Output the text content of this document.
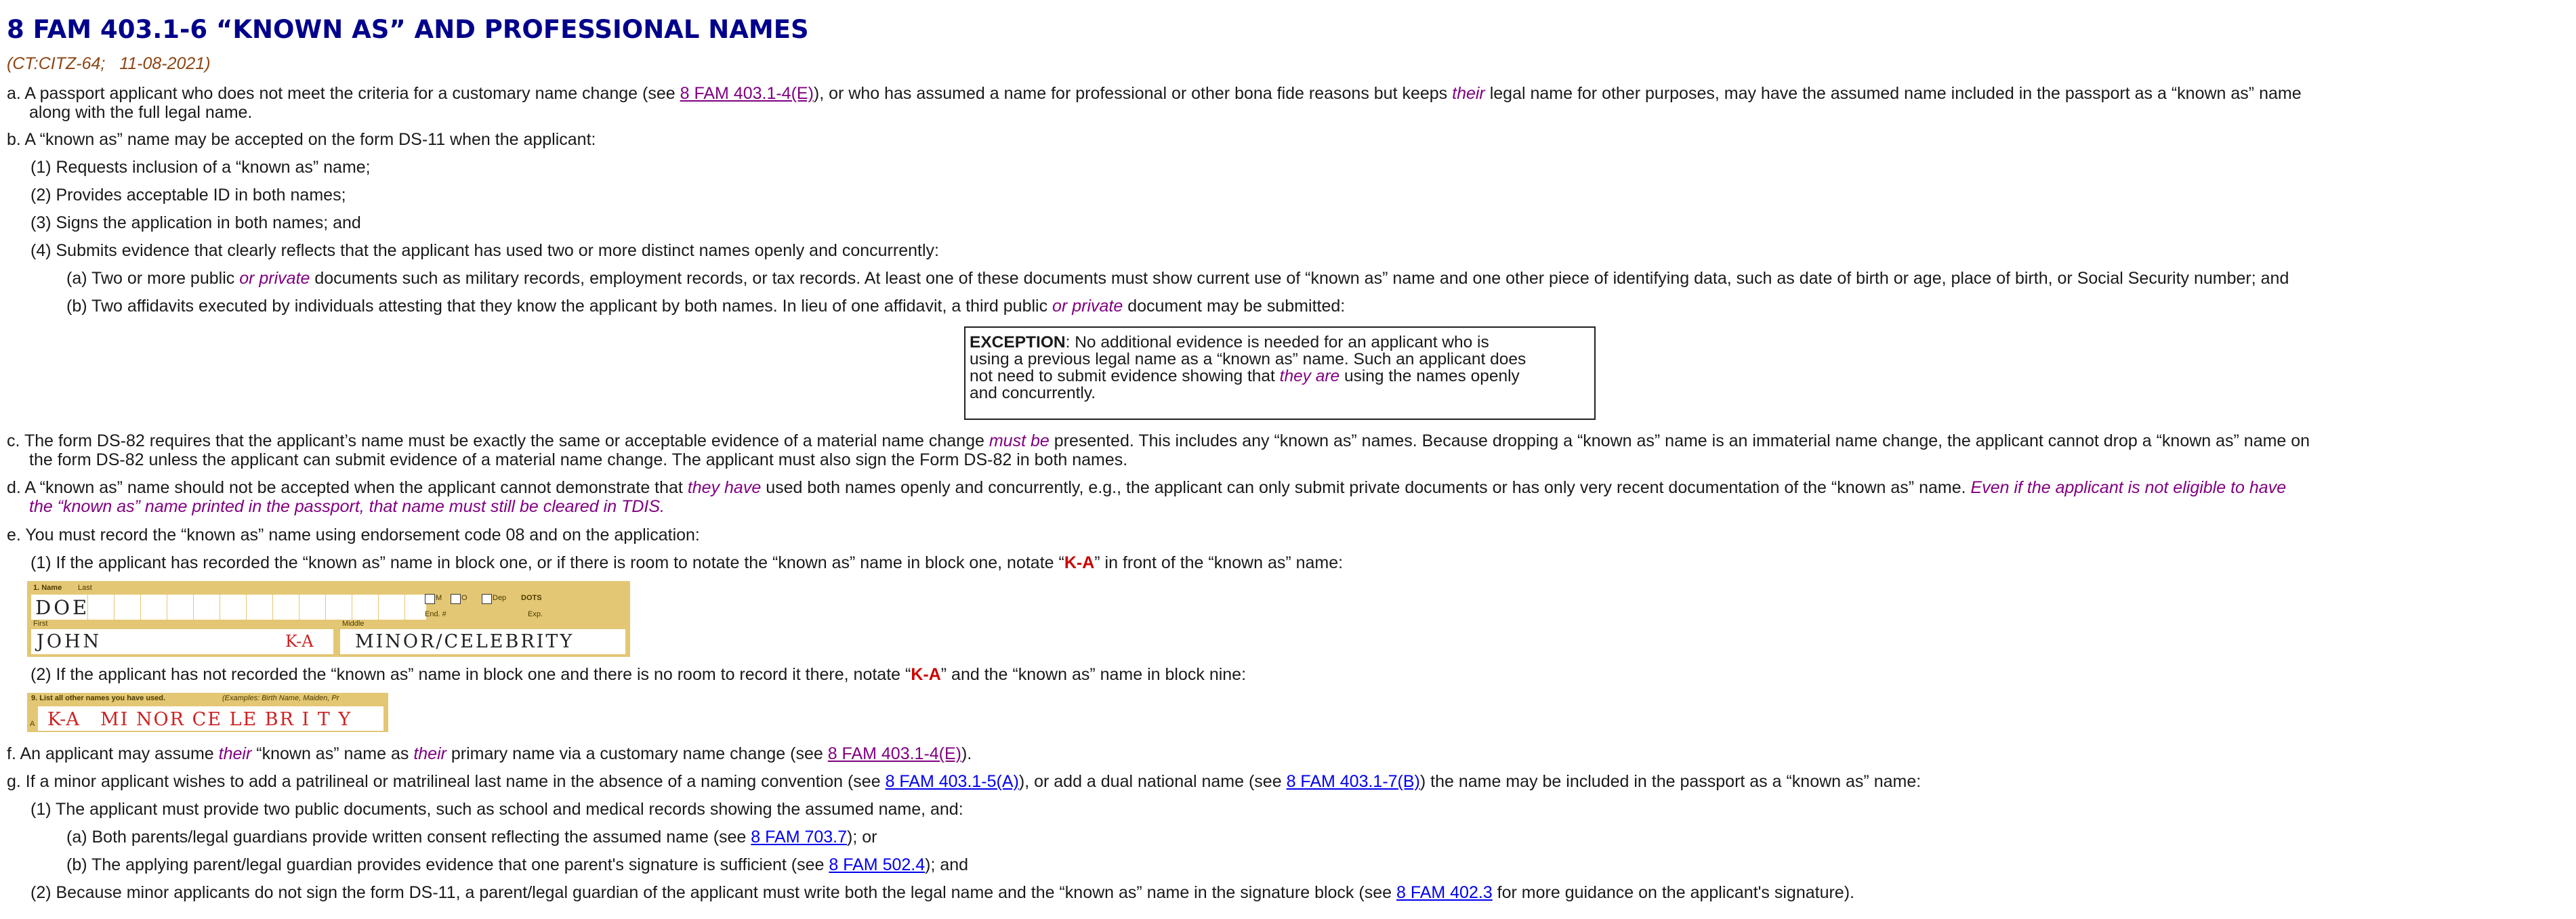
8 FAM 403.1-6 “KNOWN AS” AND PROFESSIONAL NAMES
(CT:CITZ-64;   11-08-2021)
a. A passport applicant who does not meet the criteria for a customary name change (see 8 FAM 403.1-4(E)), or who has assumed a name for professional or other bona fide reasons but keeps their legal name for other purposes, may have the assumed name included in the passport as a “known as” name
along with the full legal name.
b. A “known as” name may be accepted on the form DS-11 when the applicant:
(1) Requests inclusion of a “known as” name;
(2) Provides acceptable ID in both names;
(3) Signs the application in both names; and
(4) Submits evidence that clearly reflects that the applicant has used two or more distinct names openly and concurrently:
(a) Two or more public or private documents such as military records, employment records, or tax records. At least one of these documents must show current use of “known as” name and one other piece of identifying data, such as date of birth or age, place of birth, or Social Security number; and
(b) Two affidavits executed by individuals attesting that they know the applicant by both names. In lieu of one affidavit, a third public or private document may be submitted:
EXCEPTION: No additional evidence is needed for an applicant who is
using a previous legal name as a “known as” name. Such an applicant does
not need to submit evidence showing that they are using the names openly
and concurrently.
c. The form DS-82 requires that the applicant’s name must be exactly the same or acceptable evidence of a material name change must be presented. This includes any “known as” names. Because dropping a “known as” name is an immaterial name change, the applicant cannot drop a “known as” name on
the form DS-82 unless the applicant can submit evidence of a material name change. The applicant must also sign the Form DS-82 in both names.
d. A “known as” name should not be accepted when the applicant cannot demonstrate that they have used both names openly and concurrently, e.g., the applicant can only submit private documents or has only very recent documentation of the “known as” name. Even if the applicant is not eligible to have
the “known as” name printed in the passport, that name must still be cleared in TDIS.
e. You must record the “known as” name using endorsement code 08 and on the application:
(1) If the applicant has recorded the “known as” name in block one, or if there is room to notate the “known as” name in block one, notate “K-A” in front of the “known as” name:
1. Name Last
DOE	M	O	Dep DOTS
End. #	Exp.
First	Middle
JOHN	K-A MINOR/CELEBRITY
(2) If the applicant has not recorded the “known as” name in block one and there is no room to record it there, notate “K-A” and the “known as” name in block nine:
9. List all other names you have used.	(Examples: Birth Name, Maiden, Pr
A K-A MI NOR CE LE BR I T Y
f. An applicant may assume their “known as” name as their primary name via a customary name change (see 8 FAM 403.1-4(E)).
g. If a minor applicant wishes to add a patrilineal or matrilineal last name in the absence of a naming convention (see 8 FAM 403.1-5(A)), or add a dual national name (see 8 FAM 403.1-7(B)) the name may be included in the passport as a “known as” name:
(1) The applicant must provide two public documents, such as school and medical records showing the assumed name, and:
(a) Both parents/legal guardians provide written consent reflecting the assumed name (see 8 FAM 703.7); or
(b) The applying parent/legal guardian provides evidence that one parent's signature is sufficient (see 8 FAM 502.4); and
(2) Because minor applicants do not sign the form DS-11, a parent/legal guardian of the applicant must write both the legal name and the “known as” name in the signature block (see 8 FAM 402.3 for more guidance on the applicant's signature).
